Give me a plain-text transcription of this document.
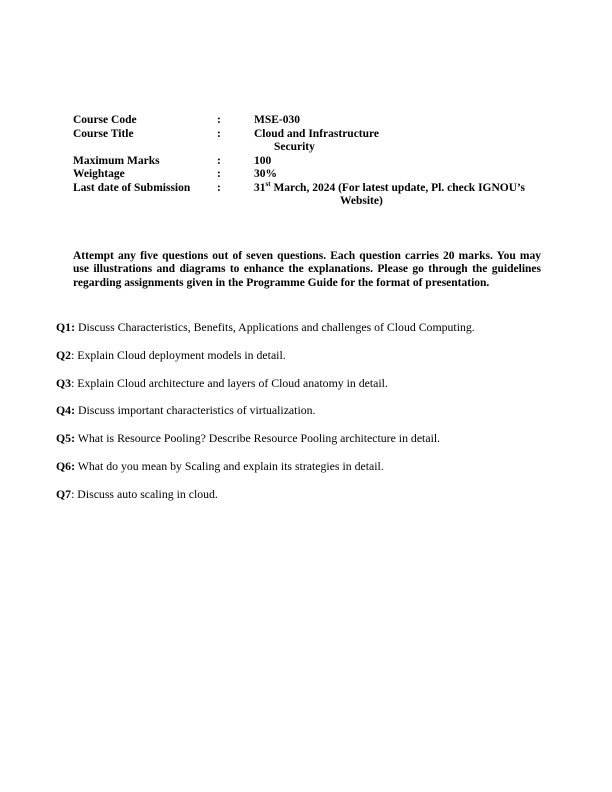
Course Code	:	MSE-030
Course Title	:	Cloud and Infrastructure
Security
Maximum Marks	:	100
Weightage	:	30%
Last date of Submission :	31st March, 2024 (For latest update, Pl. check IGNOU’s
Website)

Attempt any five questions out of seven questions. Each question carries 20 marks. You may use illustrations and diagrams to enhance the explanations. Please go through the guidelines regarding assignments given in the Programme Guide for the format of presentation.

Q1: Discuss Characteristics, Benefits, Applications and challenges of Cloud Computing.
Q2: Explain Cloud deployment models in detail.
Q3: Explain Cloud architecture and layers of Cloud anatomy in detail.
Q4: Discuss important characteristics of virtualization.
Q5: What is Resource Pooling? Describe Resource Pooling architecture in detail.
Q6: What do you mean by Scaling and explain its strategies in detail.
Q7: Discuss auto scaling in cloud.
